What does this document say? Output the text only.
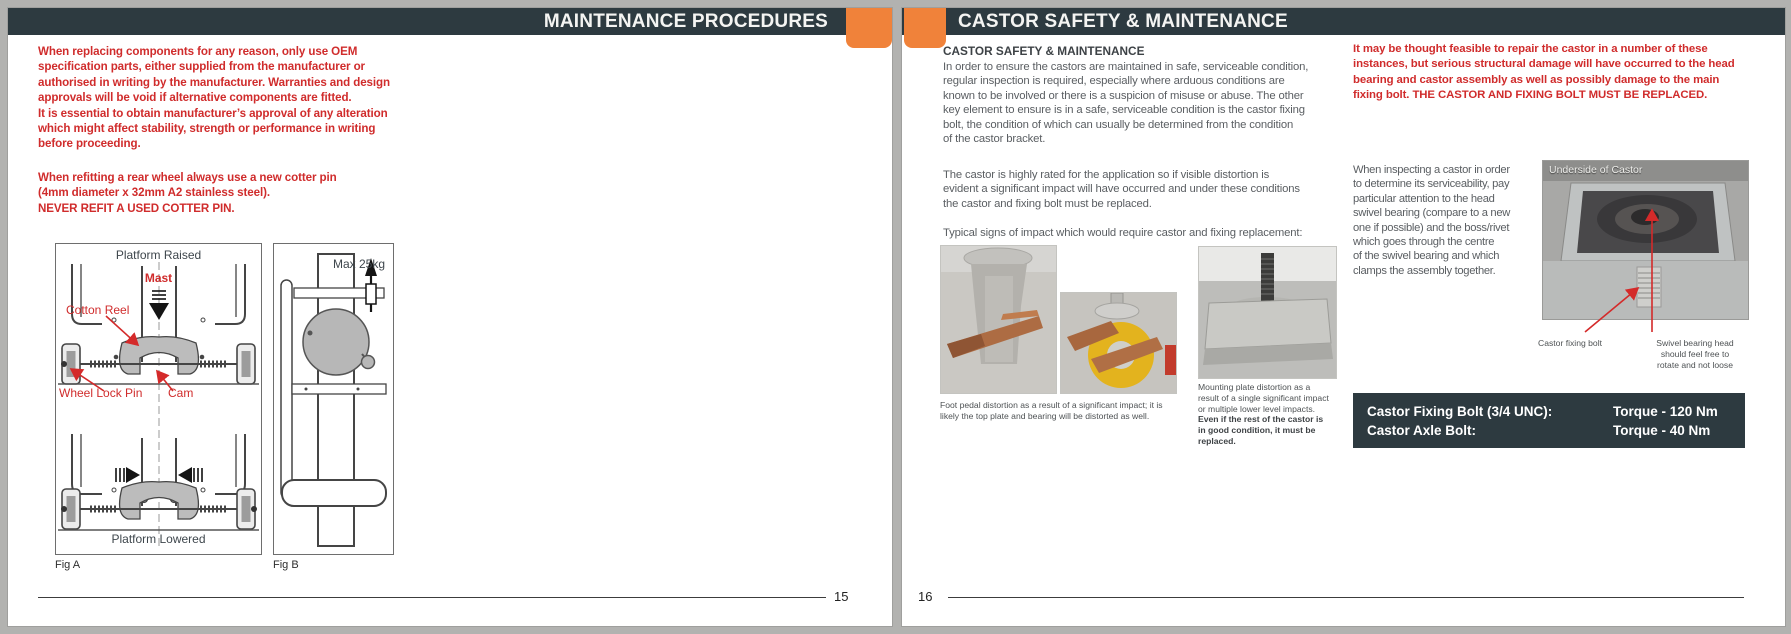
MAINTENANCE PROCEDURES
When replacing components for any reason, only use OEM
specification parts, either supplied from the manufacturer or
authorised in writing by the manufacturer. Warranties and design
approvals will be void if alternative components are fitted.
It is essential to obtain manufacturer’s approval of any alteration
which might affect stability, strength or performance in writing
before proceeding.
When refitting a rear wheel always use a new cotter pin
(4mm diameter x 32mm A2 stainless steel).
NEVER REFIT A USED COTTER PIN.
Platform Raised
Mast
Cotton Reel
Wheel Lock Pin Cam
Platform Lowered
Max 25kg
Fig A	Fig B
15
CASTOR SAFETY & MAINTENANCE
CASTOR SAFETY & MAINTENANCE
In order to ensure the castors are maintained in safe, serviceable condition,
regular inspection is required, especially where arduous conditions are
known to be involved or there is a suspicion of misuse or abuse. The other
key element to ensure is in a safe, serviceable condition is the castor fixing
bolt, the condition of which can usually be determined from the condition
of the castor bracket.
The castor is highly rated for the application so if visible distortion is
evident a significant impact will have occurred and under these conditions
the castor and fixing bolt must be replaced.
Typical signs of impact which would require castor and fixing replacement:
Foot pedal distortion as a result of a significant impact; it is
likely the top plate and bearing will be distorted as well.
Mounting plate distortion as a
result of a single significant impact
or multiple lower level impacts.
Even if the rest of the castor is
in good condition, it must be
replaced.
It may be thought feasible to repair the castor in a number of these
instances, but serious structural damage will have occurred to the head
bearing and castor assembly as well as possibly damage to the main
fixing bolt. THE CASTOR AND FIXING BOLT MUST BE REPLACED.
When inspecting a castor in order
to determine its serviceability, pay
particular attention to the head
swivel bearing (compare to a new
one if possible) and the boss/rivet
which goes through the centre
of the swivel bearing and which
clamps the assembly together.
Underside of Castor
Castor fixing bolt	Swivel bearing head
should feel free to
rotate and not loose
Castor Fixing Bolt (3/4 UNC):	Torque - 120 Nm
Castor Axle Bolt:	Torque - 40 Nm
16
